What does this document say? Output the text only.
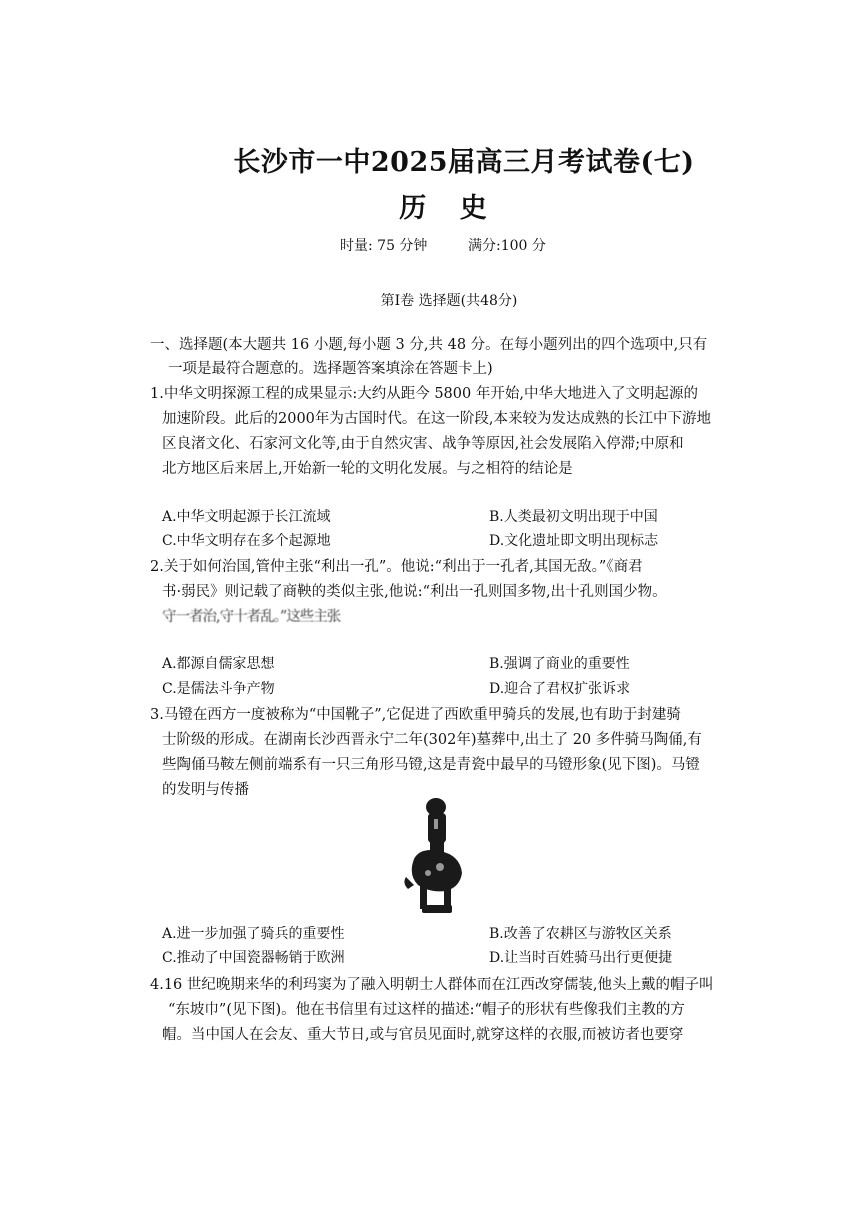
长沙市一中2025届高三月考试卷(七)
历 史
时量: 75 分钟	满分:100 分
第Ⅰ卷 选择题(共48分)
一、选择题(本大题共 16 小题,每小题 3 分,共 48 分。在每小题列出的四个选项中,只有
一项是最符合题意的。选择题答案填涂在答题卡上)
1.中华文明探源工程的成果显示:大约从距今 5800 年开始,中华大地进入了文明起源的
加速阶段。此后的2000年为古国时代。在这一阶段,本来较为发达成熟的长江中下游地
区良渚文化、石家河文化等,由于自然灾害、战争等原因,社会发展陷入停滞;中原和
北方地区后来居上,开始新一轮的文明化发展。与之相符的结论是
A.中华文明起源于长江流域	B.人类最初文明出现于中国
C.中华文明存在多个起源地	D.文化遗址即文明出现标志
2.关于如何治国,管仲主张“利出一孔”。他说:“利出于一孔者,其国无敌。”《商君
书·弱民》则记载了商鞅的类似主张,他说:“利出一孔则国多物,出十孔则国少物。
守一者治,守十者乱。”这些主张
A.都源自儒家思想	B.强调了商业的重要性
C.是儒法斗争产物	D.迎合了君权扩张诉求
3.马镫在西方一度被称为“中国靴子”,它促进了西欧重甲骑兵的发展,也有助于封建骑
士阶级的形成。在湖南长沙西晋永宁二年(302年)墓葬中,出土了 20 多件骑马陶俑,有
些陶俑马鞍左侧前端系有一只三角形马镫,这是青瓷中最早的马镫形象(见下图)。马镫
的发明与传播
A.进一步加强了骑兵的重要性	B.改善了农耕区与游牧区关系
C.推动了中国瓷器畅销于欧洲	D.让当时百姓骑马出行更便捷
4.16 世纪晚期来华的利玛窦为了融入明朝士人群体而在江西改穿儒装,他头上戴的帽子叫
“东坡巾”(见下图)。他在书信里有过这样的描述:“帽子的形状有些像我们主教的方
帽。当中国人在会友、重大节日,或与官员见面时,就穿这样的衣服,而被访者也要穿
